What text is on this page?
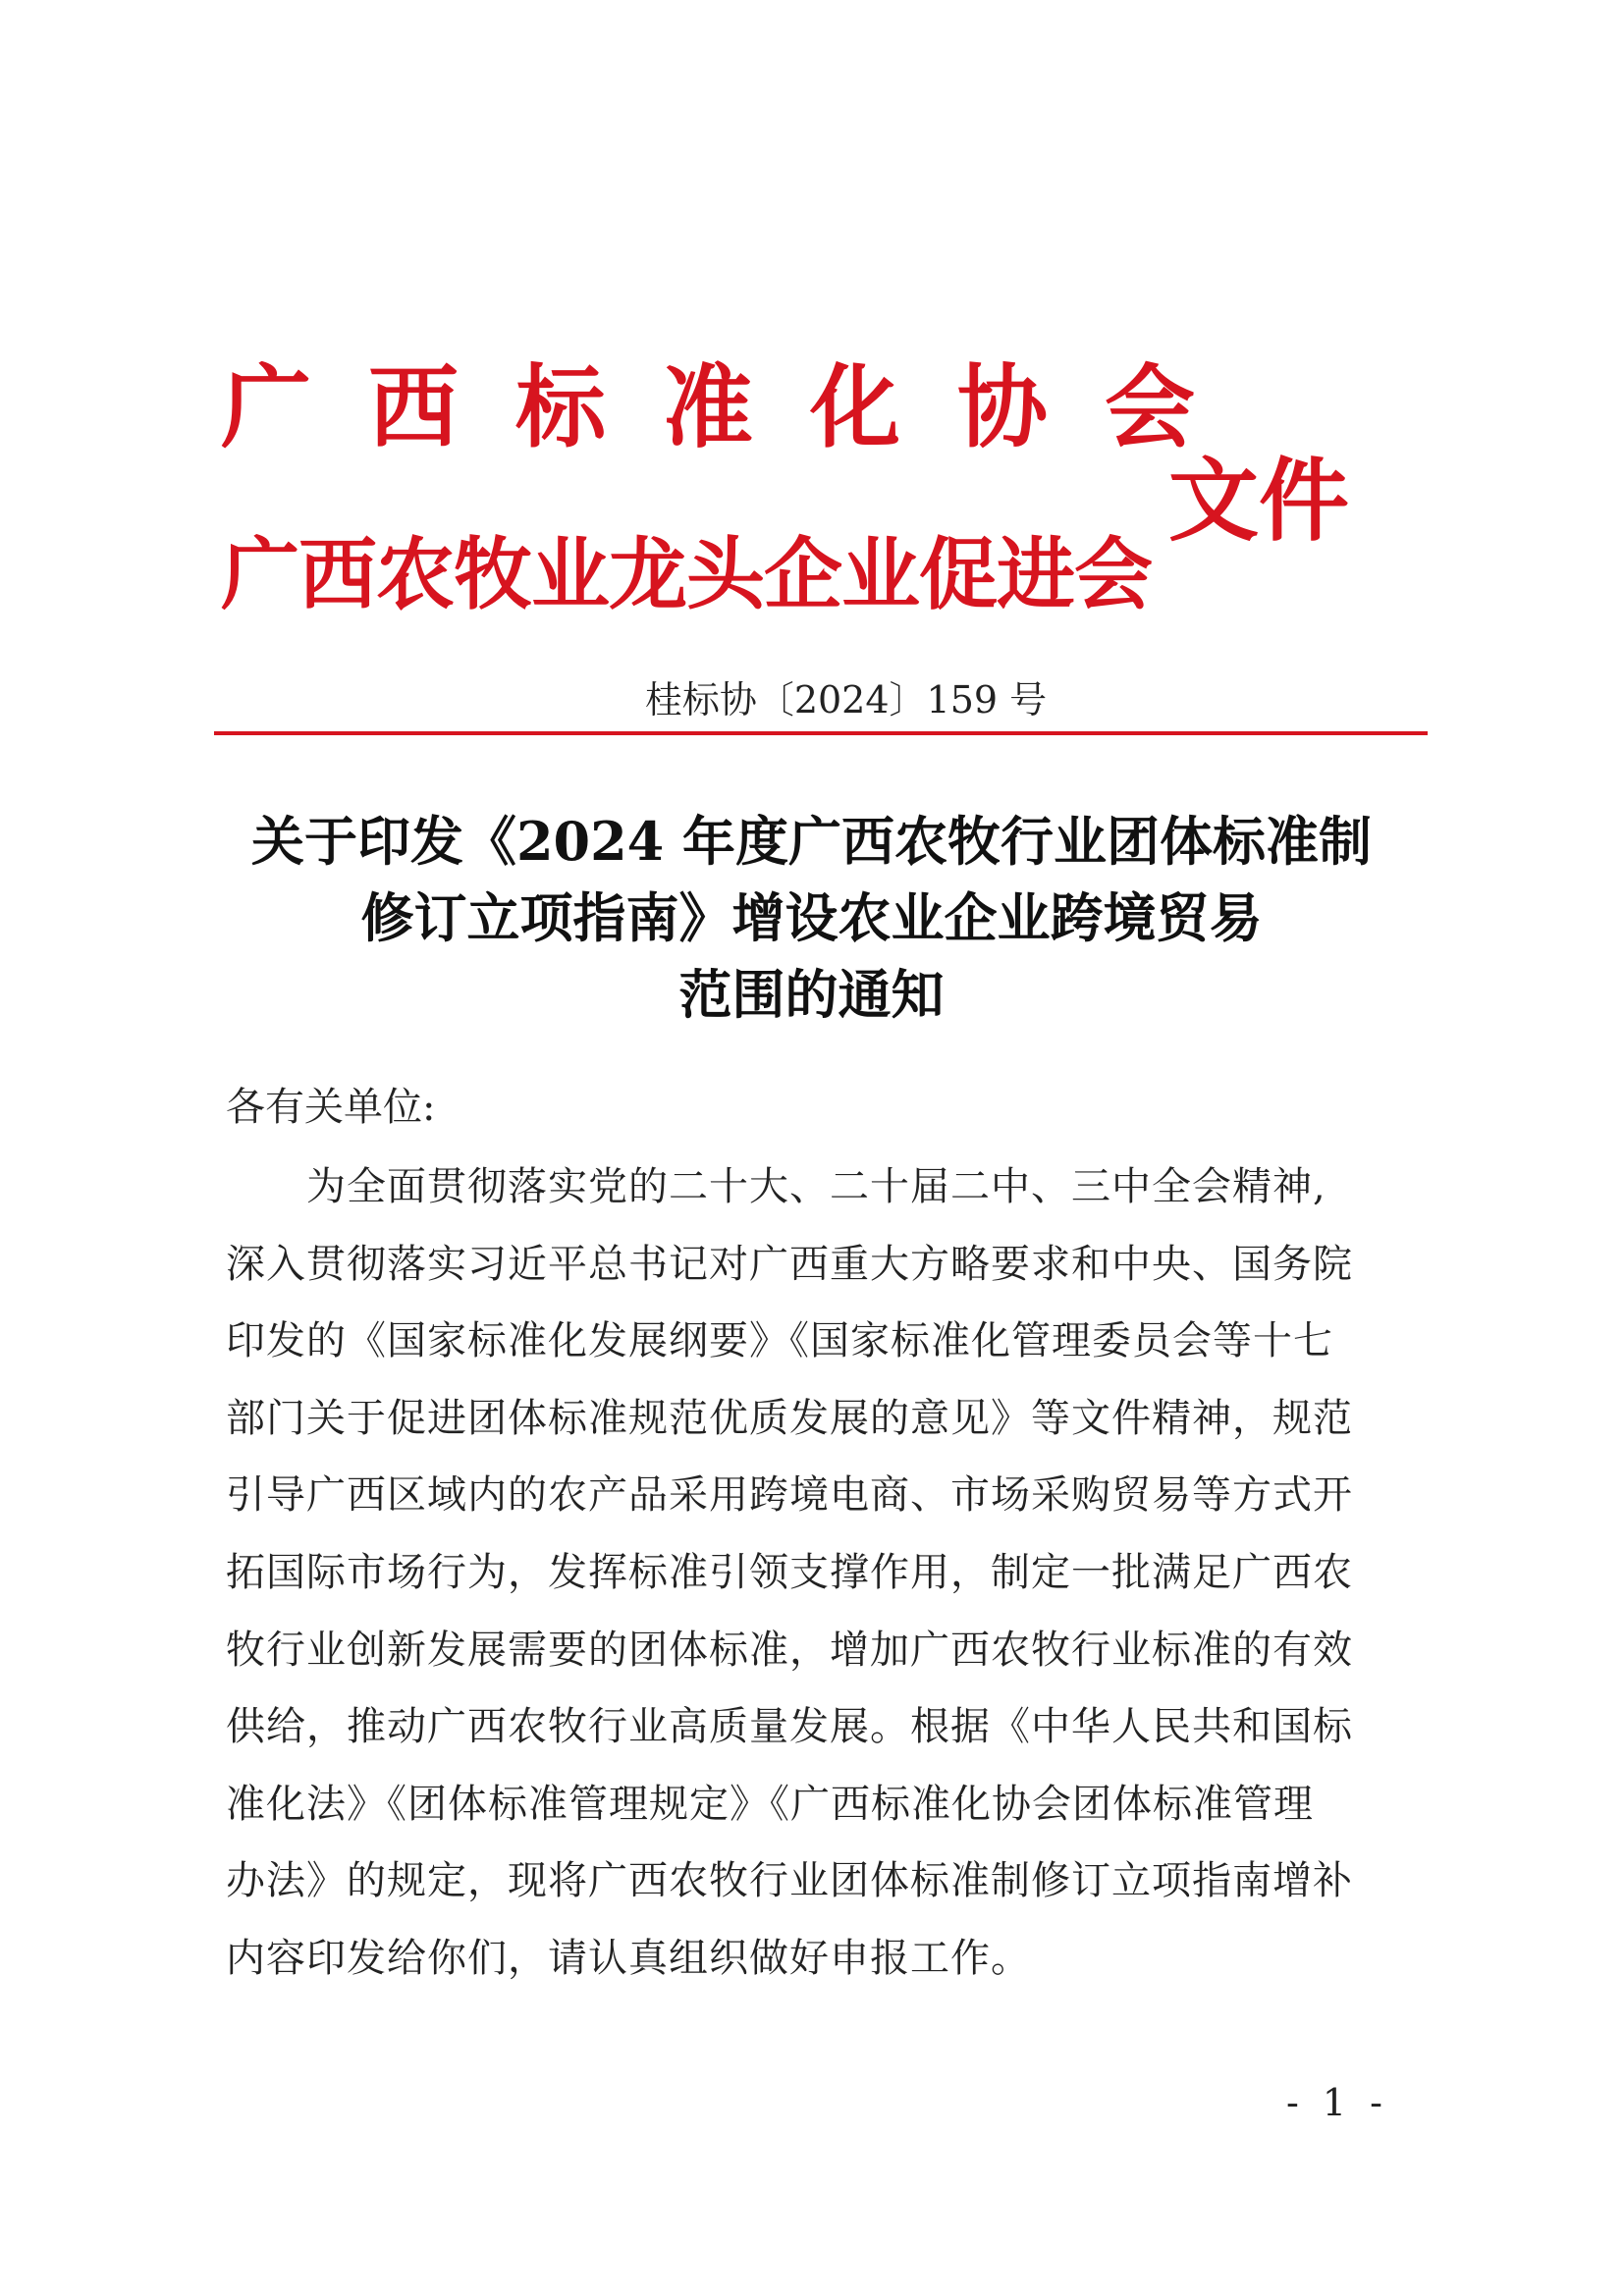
广西标准化协会
广西农牧业龙头企业促进会
文件
桂标协〔2024〕159 号
关于印发《2024 年度广西农牧行业团体标准制
修订立项指南》增设农业企业跨境贸易
范围的通知
各有关单位:
　　为全面贯彻落实党的二十大、二十届二中、三中全会精神,
深入贯彻落实习近平总书记对广西重大方略要求和中央、国务院
印发的《国家标准化发展纲要》《国家标准化管理委员会等十七
部门关于促进团体标准规范优质发展的意见》等文件精神，规范
引导广西区域内的农产品采用跨境电商、市场采购贸易等方式开
拓国际市场行为，发挥标准引领支撑作用，制定一批满足广西农
牧行业创新发展需要的团体标准，增加广西农牧行业标准的有效
供给，推动广西农牧行业高质量发展。根据《中华人民共和国标
准化法》《团体标准管理规定》《广西标准化协会团体标准管理
办法》的规定，现将广西农牧行业团体标准制修订立项指南增补
内容印发给你们，请认真组织做好申报工作。
- 1 -
